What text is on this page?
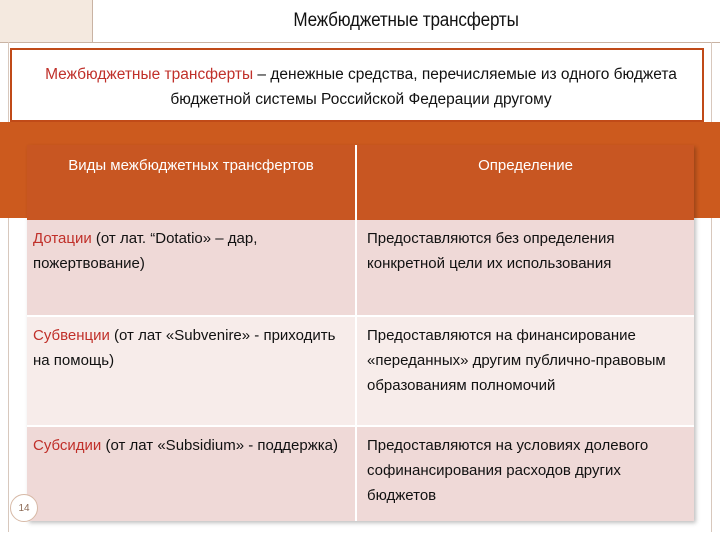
Межбюджетные трансферты
Межбюджетные трансферты – денежные средства, перечисляемые из одного бюджета бюджетной системы Российской Федерации другому
Виды межбюджетных трансфертов	Определение
Дотации (от лат. “Dotatio» – дар, пожертвование)
Предоставляются без определения конкретной цели их использования
Субвенции (от лат «Subvenire» - приходить на помощь)
Предоставляются на финансирование «переданных» другим публично-правовым образованиям полномочий
Субсидии (от лат «Subsidium» - поддержка)	Предоставляются на условиях долевого софинансирования расходов других бюджетов
14
